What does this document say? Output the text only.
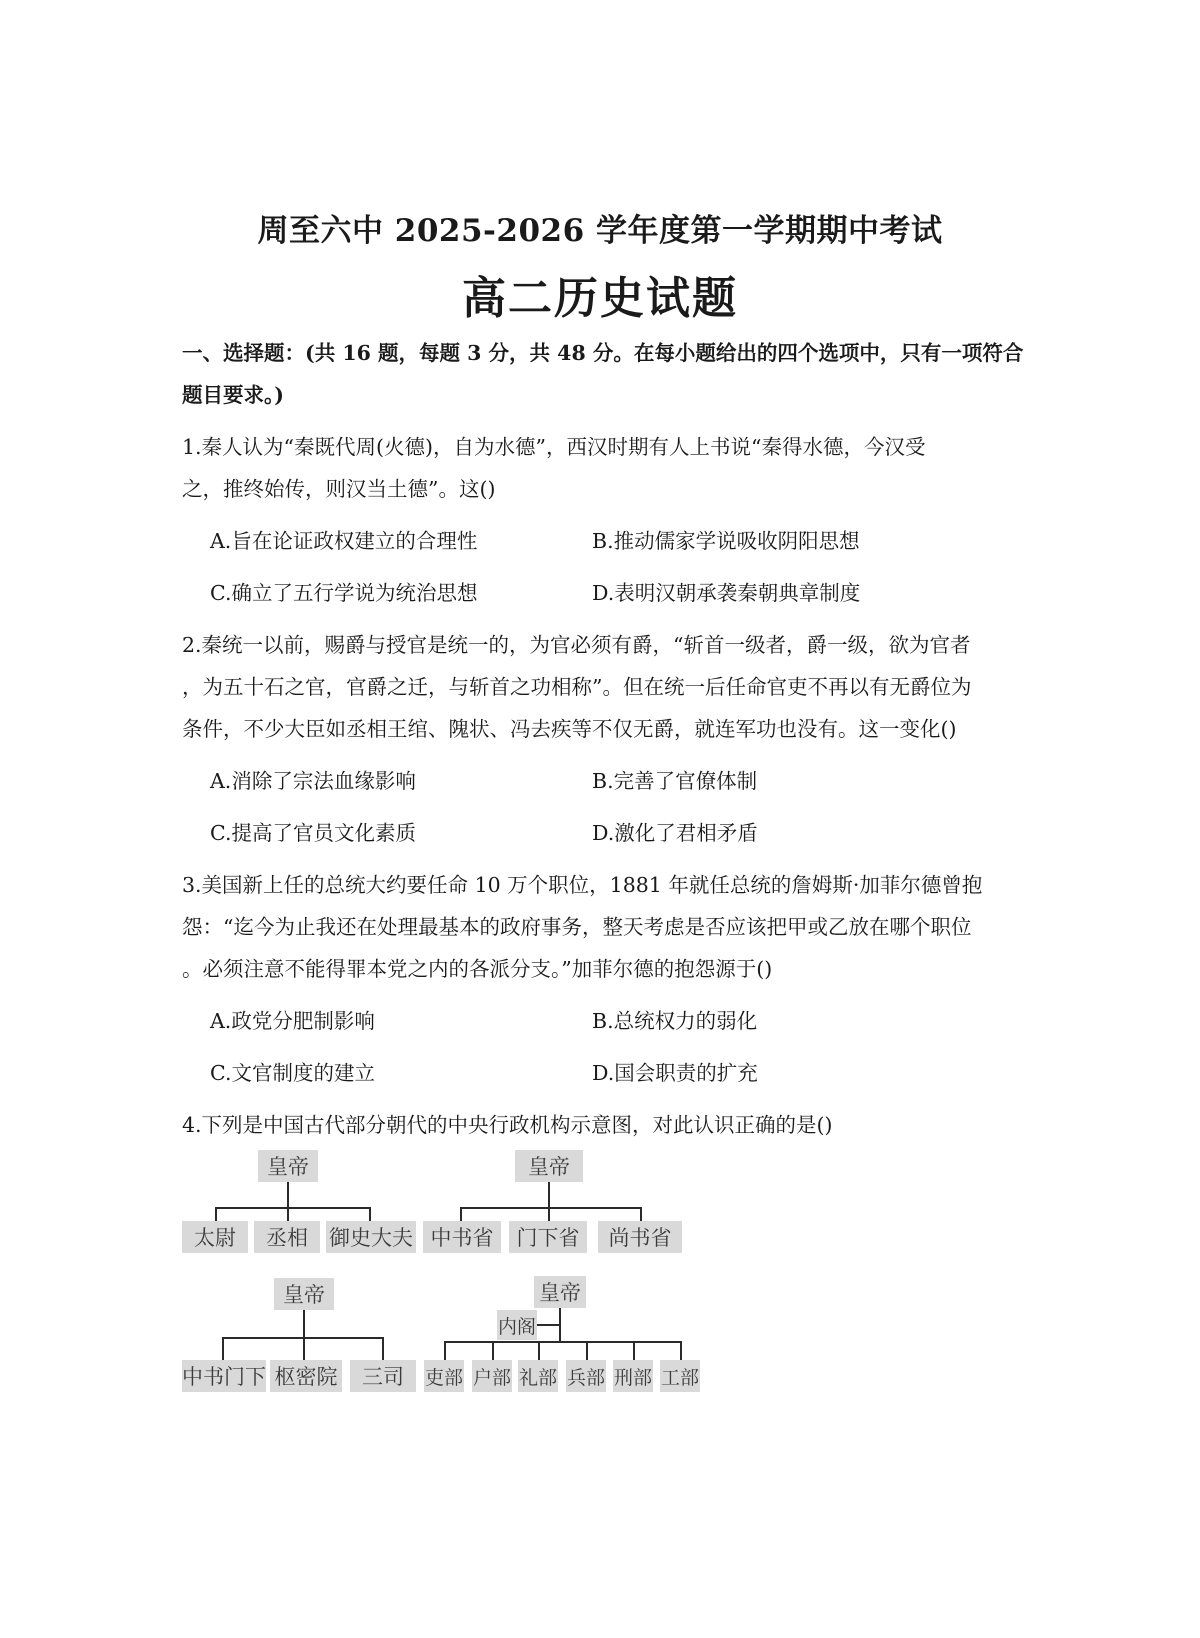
周至六中 2025-2026 学年度第一学期期中考试
高二历史试题
一、选择题：(共 16 题，每题 3 分，共 48 分。在每小题给出的四个选项中，只有一项符合
题目要求。)
1.秦人认为“秦既代周(火德)，自为水德”，西汉时期有人上书说“秦得水德，今汉受
之，推终始传，则汉当土德”。这()
A.旨在论证政权建立的合理性	B.推动儒家学说吸收阴阳思想
C.确立了五行学说为统治思想	D.表明汉朝承袭秦朝典章制度
2.秦统一以前，赐爵与授官是统一的，为官必须有爵，“斩首一级者，爵一级，欲为官者
，为五十石之官，官爵之迁，与斩首之功相称”。但在统一后任命官吏不再以有无爵位为
条件，不少大臣如丞相王绾、隗状、冯去疾等不仅无爵，就连军功也没有。这一变化()
A.消除了宗法血缘影响	B.完善了官僚体制
C.提高了官员文化素质	D.激化了君相矛盾
3.美国新上任的总统大约要任命 10 万个职位，1881 年就任总统的詹姆斯·加菲尔德曾抱
怨：“迄今为止我还在处理最基本的政府事务，整天考虑是否应该把甲或乙放在哪个职位
。必须注意不能得罪本党之内的各派分支。”加菲尔德的抱怨源于()
A.政党分肥制影响	B.总统权力的弱化
C.文官制度的建立	D.国会职责的扩充
4.下列是中国古代部分朝代的中央行政机构示意图，对此认识正确的是()
皇帝
太尉	丞相	御史大夫
皇帝
中书省	门下省	尚书省
皇帝
中书门下 枢密院	三司
皇帝
内阁
吏部 户部 礼部 兵部 刑部 工部
